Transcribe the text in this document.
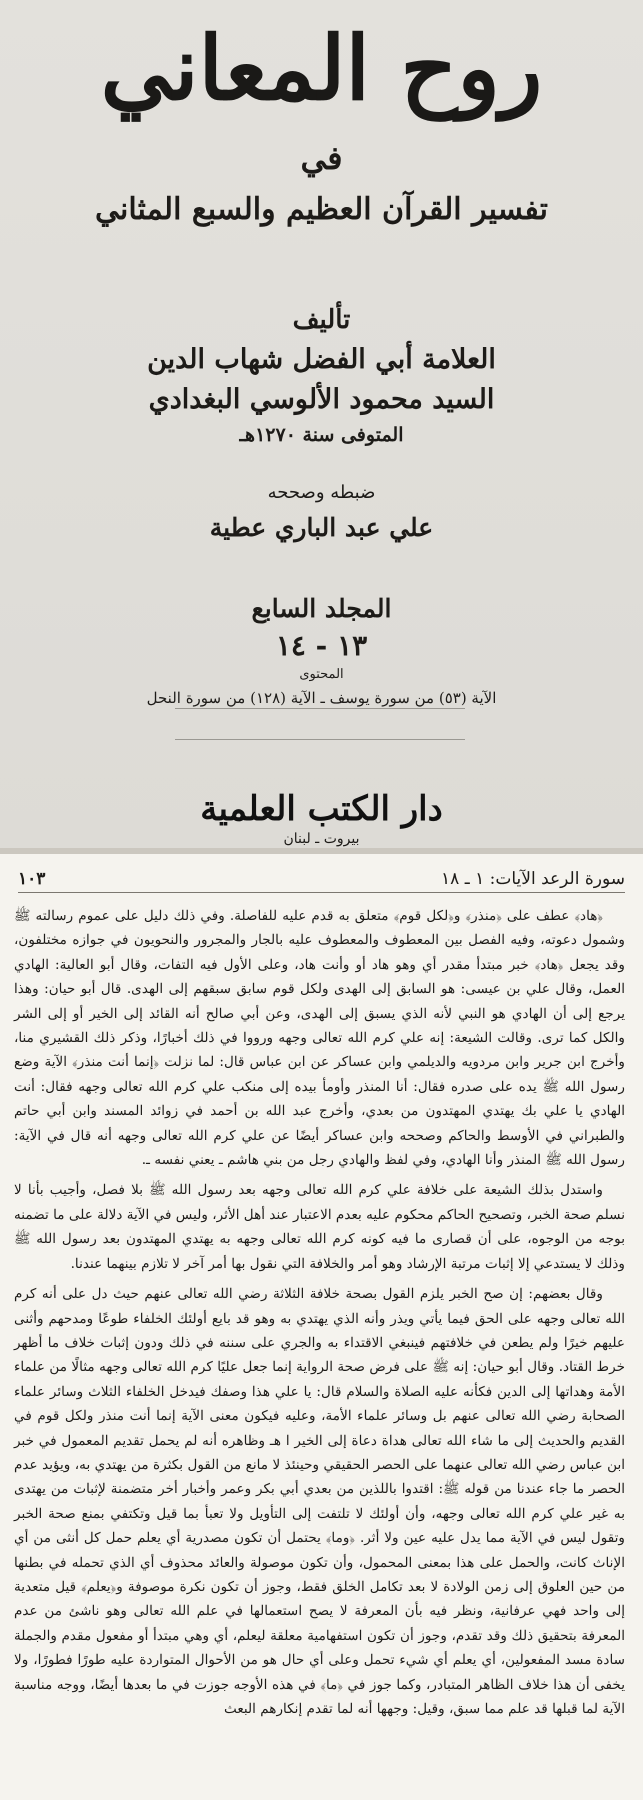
روح المعاني
في
تفسير القرآن العظيم والسبع المثاني
تأليف
العلامة أبي الفضل شهاب الدين
السيد محمود الألوسي البغدادي
المتوفى سنة ١٢٧٠هـ
ضبطه وصححه
علي عبد الباري عطية
المجلد السابع
١٣ - ١٤
المحتوى
الآية (٥٣) من سورة يوسف ـ الآية (١٢٨) من سورة النحل
دار الكتب العلمية
بيروت ـ لبنان
سورة الرعد الآيات: ١ ـ ١٨
١٠٣

﴿هاد﴾ عطف على ﴿منذر﴾ و﴿لكل قوم﴾ متعلق به قدم عليه للفاصلة. وفي ذلك دليل على عموم رسالته ﷺ وشمول دعوته، وفيه الفصل بين المعطوف والمعطوف عليه بالجار والمجرور والنحويون في جوازه مختلفون، وقد يجعل ﴿هاد﴾ خبر مبتدأ مقدر أي وهو هاد أو وأنت هاد، وعلى الأول فيه التفات، وقال أبو العالية: الهادي العمل، وقال علي بن عيسى: هو السابق إلى الهدى ولكل قوم سابق سبقهم إلى الهدى. قال أبو حيان: وهذا يرجع إلى أن الهادي هو النبي لأنه الذي يسبق إلى الهدى، وعن أبي صالح أنه القائد إلى الخير أو إلى الشر والكل كما ترى. وقالت الشيعة: إنه علي كرم الله تعالى وجهه ورووا في ذلك أخبارًا، وذكر ذلك القشيري منا، وأخرج ابن جرير وابن مردويه والديلمي وابن عساكر عن ابن عباس قال: لما نزلت ﴿إنما أنت منذر﴾ الآية وضع رسول الله ﷺ يده على صدره فقال: أنا المنذر وأومأ بيده إلى منكب علي كرم الله تعالى وجهه فقال: أنت الهادي يا علي بك يهتدي المهتدون من بعدي، وأخرج عبد الله بن أحمد في زوائد المسند وابن أبي حاتم والطبراني في الأوسط والحاكم وصححه وابن عساكر أيضًا عن علي كرم الله تعالى وجهه أنه قال في الآية: رسول الله ﷺ المنذر وأنا الهادي، وفي لفظ والهادي رجل من بني هاشم ـ يعني نفسه ـ.

واستدل بذلك الشيعة على خلافة علي كرم الله تعالى وجهه بعد رسول الله ﷺ بلا فصل، وأجيب بأنا لا نسلم صحة الخبر، وتصحيح الحاكم محكوم عليه بعدم الاعتبار عند أهل الأثر، وليس في الآية دلالة على ما تضمنه بوجه من الوجوه، على أن قصارى ما فيه كونه كرم الله تعالى وجهه به يهتدي المهتدون بعد رسول الله ﷺ وذلك لا يستدعي إلا إثبات مرتبة الإرشاد وهو أمر والخلافة التي نقول بها أمر آخر لا تلازم بينهما عندنا.

وقال بعضهم: إن صح الخبر يلزم القول بصحة خلافة الثلاثة رضي الله تعالى عنهم حيث دل على أنه كرم الله تعالى وجهه على الحق فيما يأتي ويذر وأنه الذي يهتدي به وهو قد بايع أولئك الخلفاء طوعًا ومدحهم وأثنى عليهم خيرًا ولم يطعن في خلافتهم فينبغي الاقتداء به والجري على سننه في ذلك ودون إثبات خلاف ما أظهر خرط القتاد. وقال أبو حيان: إنه ﷺ على فرض صحة الرواية إنما جعل عليًا كرم الله تعالى وجهه مثالًا من علماء الأمة وهداتها إلى الدين فكأنه عليه الصلاة والسلام قال: يا علي هذا وصفك فيدخل الخلفاء الثلاث وسائر علماء الصحابة رضي الله تعالى عنهم بل وسائر علماء الأمة، وعليه فيكون معنى الآية إنما أنت منذر ولكل قوم في القديم والحديث إلى ما شاء الله تعالى هداة دعاة إلى الخير ا هـ وظاهره أنه لم يحمل تقديم المعمول في خبر ابن عباس رضي الله تعالى عنهما على الحصر الحقيقي وحينئذ لا مانع من القول بكثرة من يهتدي به، ويؤيد عدم الحصر ما جاء عندنا من قوله ﷺ: اقتدوا باللذين من بعدي أبي بكر وعمر وأخبار أخر متضمنة لإثبات من يهتدى به غير علي كرم الله تعالى وجهه، وأن أولئك لا تلتفت إلى التأويل ولا تعبأ بما قيل وتكتفي بمنع صحة الخبر وتقول ليس في الآية مما يدل عليه عين ولا أثر. ﴿وما﴾ يحتمل أن تكون مصدرية أي يعلم حمل كل أنثى من أي الإناث كانت، والحمل على هذا بمعنى المحمول، وأن تكون موصولة والعائد محذوف أي الذي تحمله في بطنها من حين العلوق إلى زمن الولادة لا بعد تكامل الخلق فقط، وجوز أن تكون نكرة موصوفة و﴿يعلم﴾ قيل متعدية إلى واحد فهي عرفانية، ونظر فيه بأن المعرفة لا يصح استعمالها في علم الله تعالى وهو ناشئ من عدم المعرفة بتحقيق ذلك وقد تقدم، وجوز أن تكون استفهامية معلقة ليعلم، أي وهي مبتدأ أو مفعول مقدم والجملة سادة مسد المفعولين، أي يعلم أي شيء تحمل وعلى أي حال هو من الأحوال المتواردة عليه طورًا فطورًا، ولا يخفى أن هذا خلاف الظاهر المتبادر، وكما جوز في ﴿ما﴾ في هذه الأوجه جوزت في ما بعدها أيضًا، ووجه مناسبة الآية لما قبلها قد علم مما سبق، وقيل: وجهها أنه لما تقدم إنكارهم البعث
